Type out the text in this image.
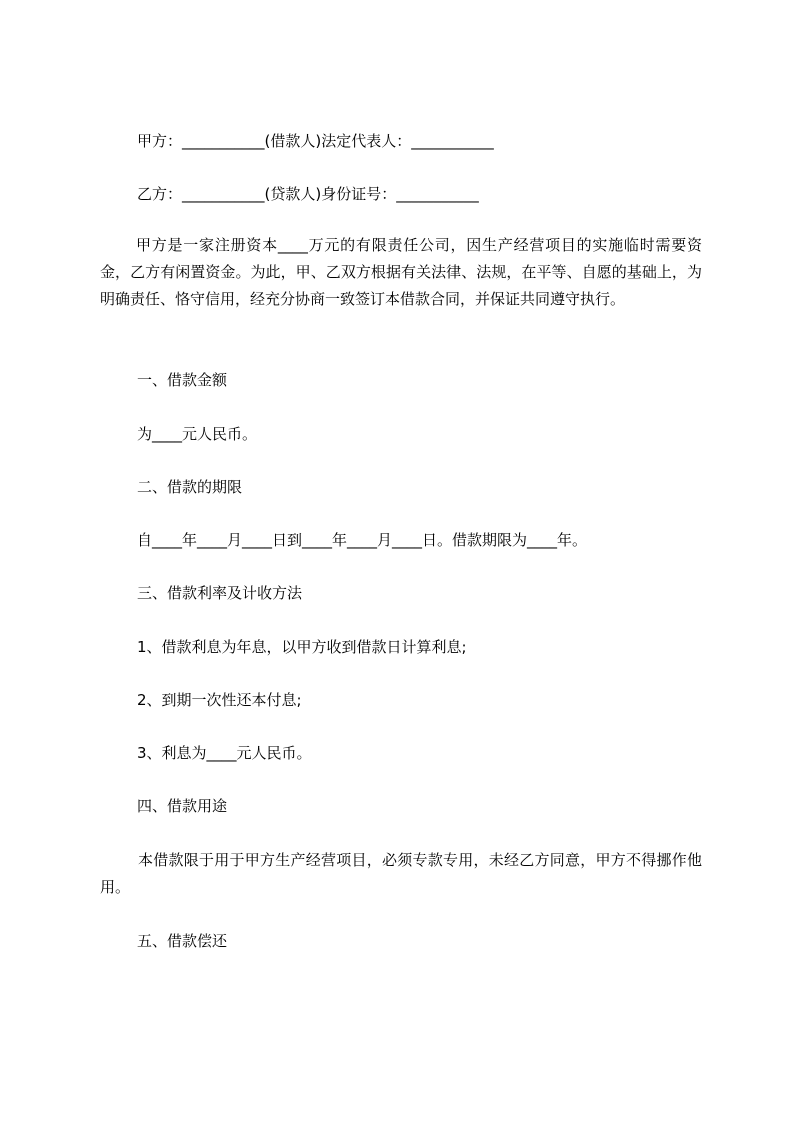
甲方：___________(借款人)法定代表人：___________

乙方：___________(贷款人)身份证号：___________

甲方是一家注册资本____万元的有限责任公司，因生产经营项目的实施临时需要资金，乙方有闲置资金。为此，甲、乙双方根据有关法律、法规，在平等、自愿的基础上，为明确责任、恪守信用，经充分协商一致签订本借款合同，并保证共同遵守执行。

一、借款金额

为____元人民币。

二、借款的期限

自____年____月____日到____年____月____日。借款期限为____年。

三、借款利率及计收方法

1、借款利息为年息，以甲方收到借款日计算利息;

2、到期一次性还本付息;

3、利息为____元人民币。

四、借款用途

本借款限于用于甲方生产经营项目，必须专款专用，未经乙方同意，甲方不得挪作他用。

五、借款偿还
